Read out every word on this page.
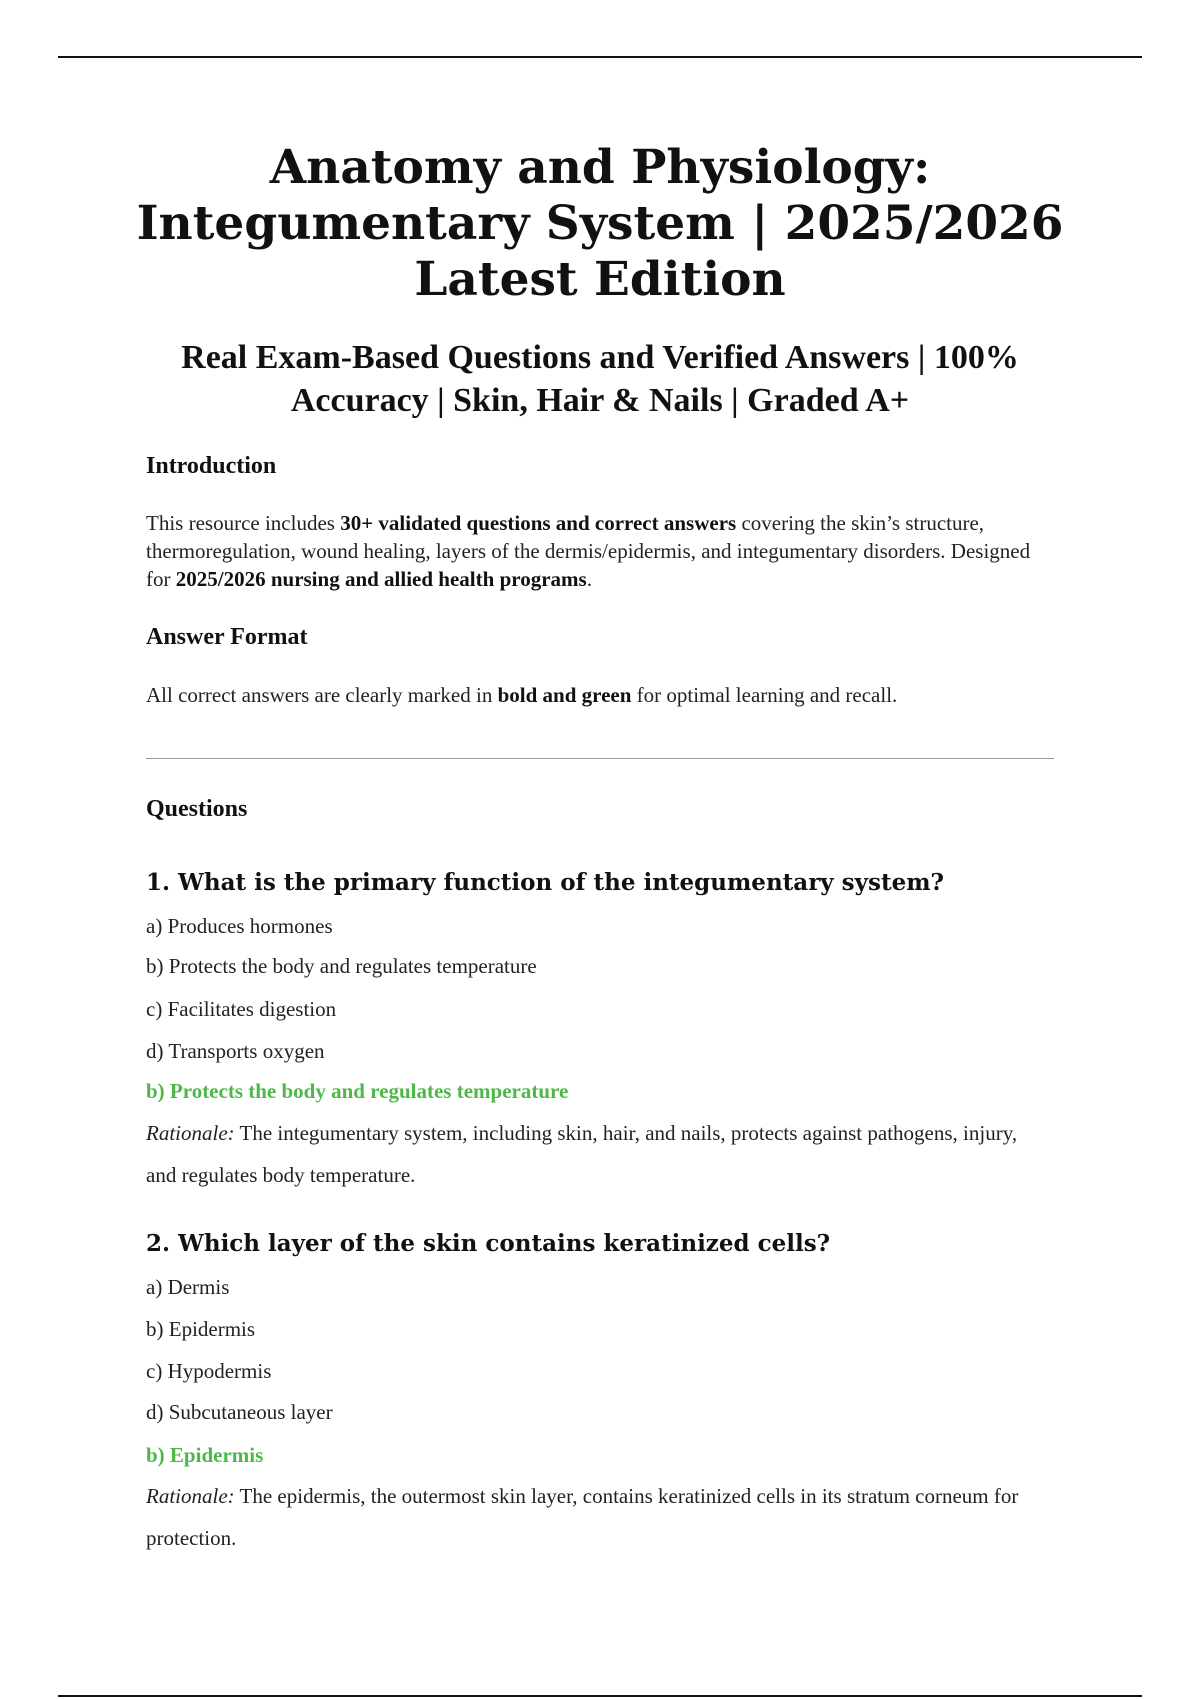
Anatomy and Physiology:
Integumentary System | 2025/2026
Latest Edition
Real Exam-Based Questions and Verified Answers | 100%
Accuracy | Skin, Hair & Nails | Graded A+
Introduction

This resource includes 30+ validated questions and correct answers covering the skin’s structure, thermoregulation, wound healing, layers of the dermis/epidermis, and integumentary disorders. Designed for 2025/2026 nursing and allied health programs.

Answer Format

All correct answers are clearly marked in bold and green for optimal learning and recall.

Questions
1. What is the primary function of the integumentary system?

a) Produces hormones

b) Protects the body and regulates temperature

c) Facilitates digestion

d) Transports oxygen

b) Protects the body and regulates temperature

Rationale: The integumentary system, including skin, hair, and nails, protects against pathogens, injury, and regulates body temperature.

2. Which layer of the skin contains keratinized cells?

a) Dermis

b) Epidermis

c) Hypodermis

d) Subcutaneous layer

b) Epidermis

Rationale: The epidermis, the outermost skin layer, contains keratinized cells in its stratum corneum for protection.
